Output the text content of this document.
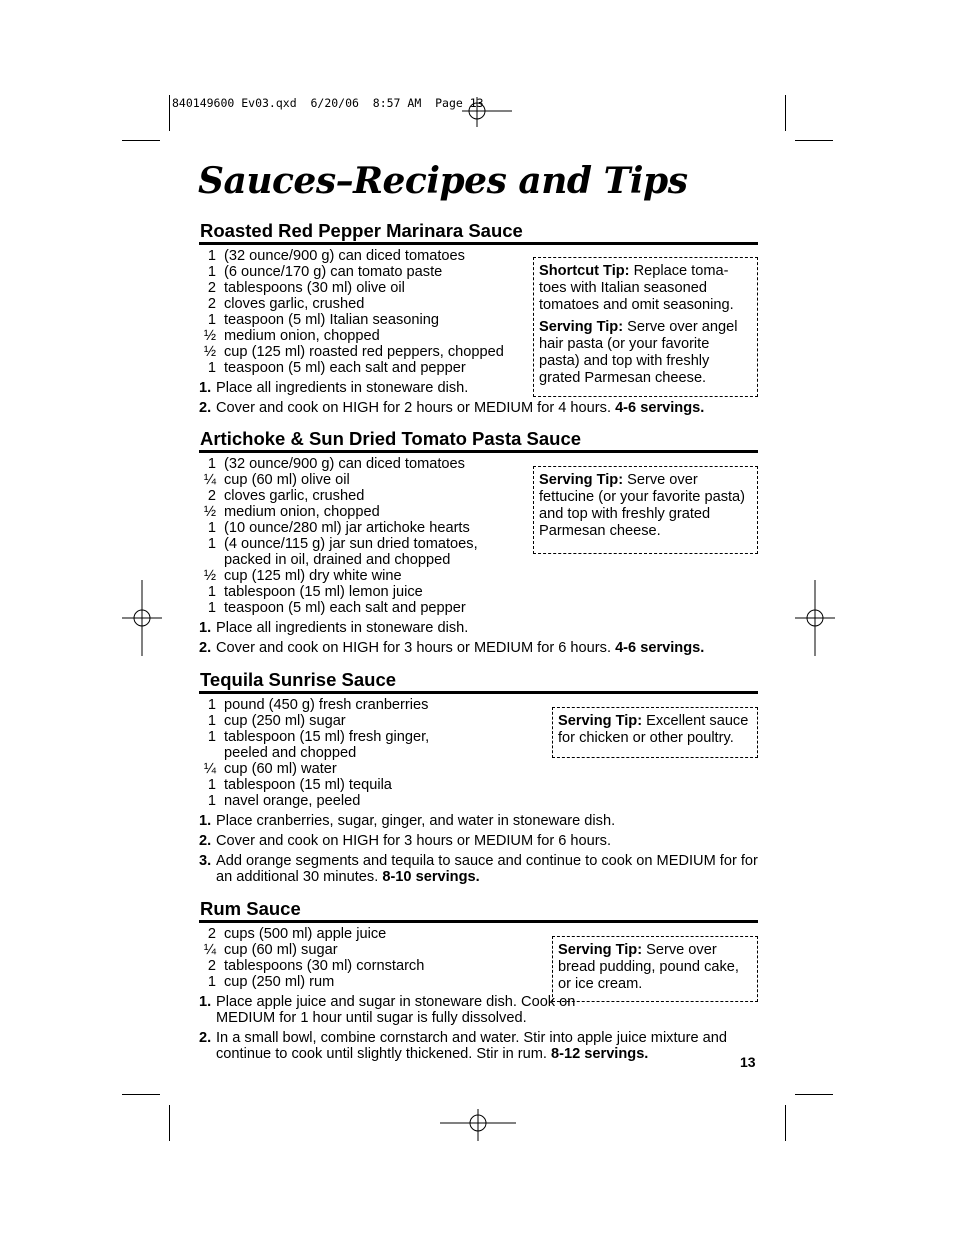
840149600 Ev03.qxd  6/20/06  8:57 AM  Page 13
Sauces–Recipes and Tips
Roasted Red Pepper Marinara Sauce
1 (32 ounce/900 g) can diced tomatoes
1 (6 ounce/170 g) can tomato paste
2 tablespoons (30 ml) olive oil
2 cloves garlic, crushed
1 teaspoon (5 ml) Italian seasoning
½ medium onion, chopped
½ cup (125 ml) roasted red peppers, chopped
1 teaspoon (5 ml) each salt and pepper
1. Place all ingredients in stoneware dish.
2. Cover and cook on HIGH for 2 hours or MEDIUM for 4 hours. 4-6 servings.

Shortcut Tip: Replace toma-toes with Italian seasoned tomatoes and omit seasoning.

Serving Tip: Serve over angel hair pasta (or your favorite pasta) and top with freshly grated Parmesan cheese.

Artichoke & Sun Dried Tomato Pasta Sauce
1 (32 ounce/900 g) can diced tomatoes
¼ cup (60 ml) olive oil
2 cloves garlic, crushed
½ medium onion, chopped
1 (10 ounce/280 ml) jar artichoke hearts
1 (4 ounce/115 g) jar sun dried tomatoes, packed in oil, drained and chopped
½ cup (125 ml) dry white wine
1 tablespoon (15 ml) lemon juice
1 teaspoon (5 ml) each salt and pepper
1. Place all ingredients in stoneware dish.
2. Cover and cook on HIGH for 3 hours or MEDIUM for 6 hours. 4-6 servings.

Serving Tip: Serve over fettucine (or your favorite pasta) and top with freshly grated Parmesan cheese.

Tequila Sunrise Sauce
1 pound (450 g) fresh cranberries
1 cup (250 ml) sugar
1 tablespoon (15 ml) fresh ginger, peeled and chopped
¼ cup (60 ml) water
1 tablespoon (15 ml) tequila
1 navel orange, peeled
1. Place cranberries, sugar, ginger, and water in stoneware dish.
2. Cover and cook on HIGH for 3 hours or MEDIUM for 6 hours.
3. Add orange segments and tequila to sauce and continue to cook on MEDIUM for for an additional 30 minutes. 8-10 servings.

Serving Tip: Excellent sauce for chicken or other poultry.

Rum Sauce
2 cups (500 ml) apple juice
¼ cup (60 ml) sugar
2 tablespoons (30 ml) cornstarch
1 cup (250 ml) rum
1. Place apple juice and sugar in stoneware dish. Cook on MEDIUM for 1 hour until sugar is fully dissolved.
2. In a small bowl, combine cornstarch and water. Stir into apple juice mixture and continue to cook until slightly thickened. Stir in rum. 8-12 servings.

Serving Tip: Serve over bread pudding, pound cake, or ice cream.

13
